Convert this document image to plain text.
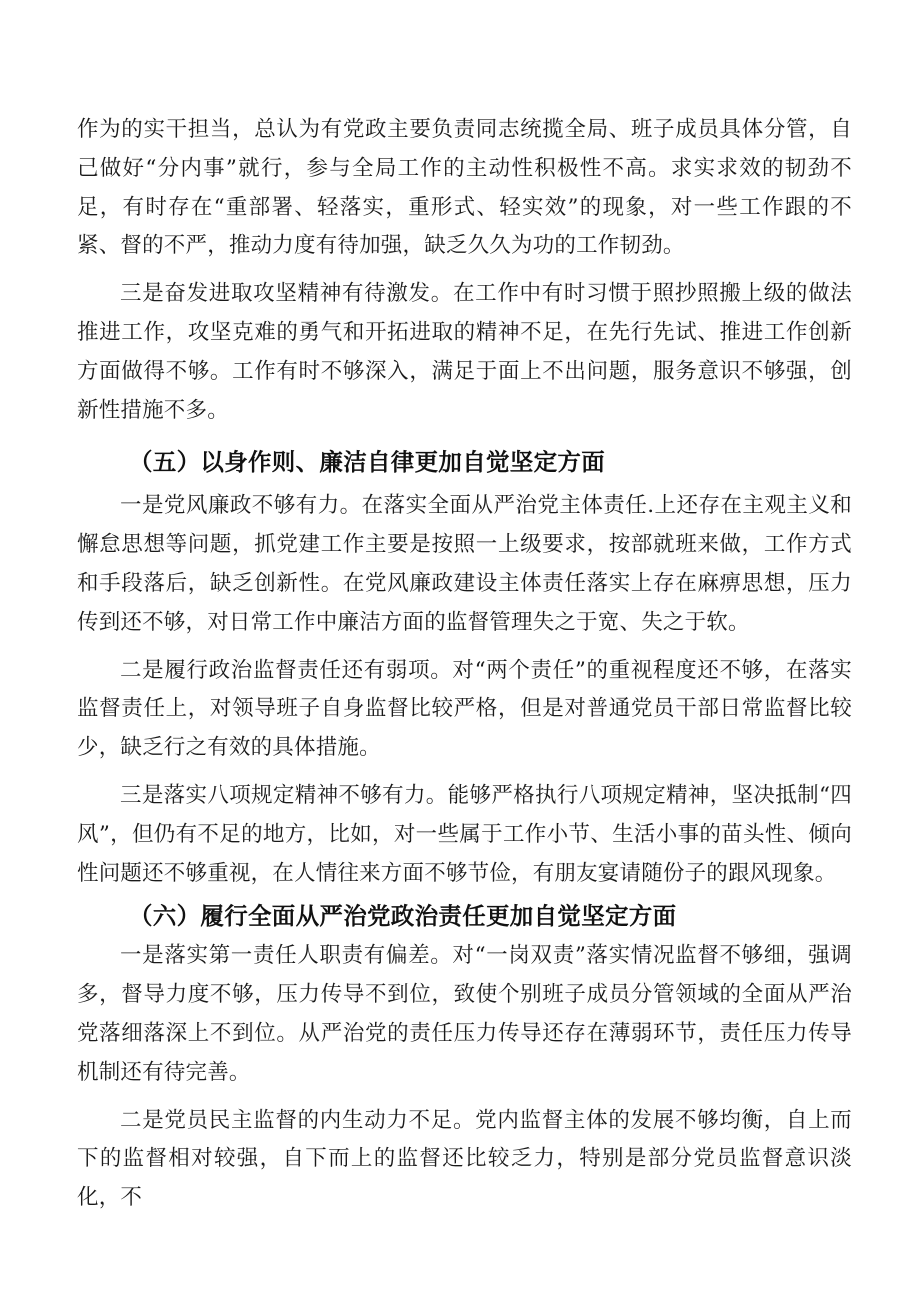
作为的实干担当，总认为有党政主要负责同志统揽全局、班子成员具体分管，自己做好“分内事”就行，参与全局工作的主动性积极性不高。求实求效的韧劲不足，有时存在“重部署、轻落实，重形式、轻实效”的现象，对一些工作跟的不紧、督的不严，推动力度有待加强，缺乏久久为功的工作韧劲。

三是奋发进取攻坚精神有待激发。在工作中有时习惯于照抄照搬上级的做法推进工作，攻坚克难的勇气和开拓进取的精神不足，在先行先试、推进工作创新方面做得不够。工作有时不够深入，满足于面上不出问题，服务意识不够强，创新性措施不多。

（五）以身作则、廉洁自律更加自觉坚定方面

一是党风廉政不够有力。在落实全面从严治党主体责任.上还存在主观主义和懈怠思想等问题，抓党建工作主要是按照一上级要求，按部就班来做，工作方式和手段落后，缺乏创新性。在党风廉政建设主体责任落实上存在麻痹思想，压力传到还不够，对日常工作中廉洁方面的监督管理失之于宽、失之于软。

二是履行政治监督责任还有弱项。对“两个责任”的重视程度还不够，在落实监督责任上，对领导班子自身监督比较严格，但是对普通党员干部日常监督比较少，缺乏行之有效的具体措施。

三是落实八项规定精神不够有力。能够严格执行八项规定精神，坚决抵制“四风”，但仍有不足的地方，比如，对一些属于工作小节、生活小事的苗头性、倾向性问题还不够重视，在人情往来方面不够节俭，有朋友宴请随份子的跟风现象。

（六）履行全面从严治党政治责任更加自觉坚定方面

一是落实第一责任人职责有偏差。对“一岗双责”落实情况监督不够细，强调多，督导力度不够，压力传导不到位，致使个别班子成员分管领域的全面从严治党落细落深上不到位。从严治党的责任压力传导还存在薄弱环节，责任压力传导机制还有待完善。

二是党员民主监督的内生动力不足。党内监督主体的发展不够均衡，自上而下的监督相对较强，自下而上的监督还比较乏力，特别是部分党员监督意识淡化，不
